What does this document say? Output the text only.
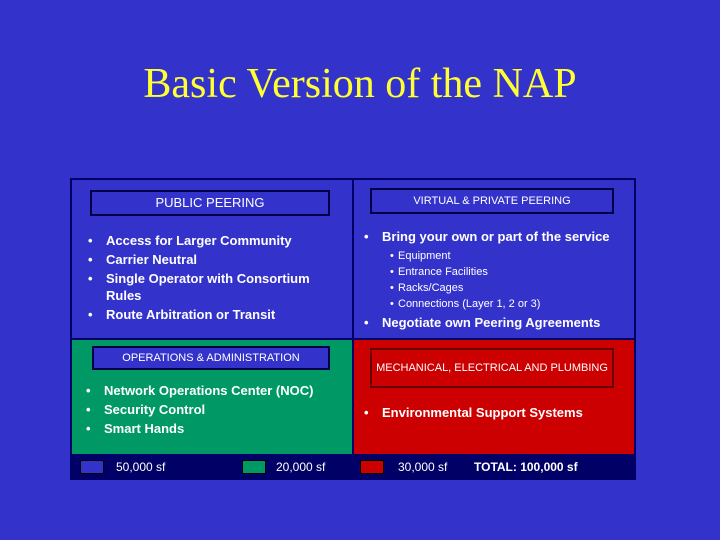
Basic Version of the NAP
PUBLIC PEERING
• Access for Larger Community
• Carrier Neutral
• Single Operator with Consortium Rules
• Route Arbitration or Transit
VIRTUAL & PRIVATE PEERING
• Bring your own or part of the service
• Equipment
• Entrance Facilities
• Racks/Cages
• Connections (Layer 1, 2 or 3)
• Negotiate own Peering Agreements
OPERATIONS & ADMINISTRATION
• Network Operations Center (NOC)
• Security Control
• Smart Hands
MECHANICAL, ELECTRICAL AND PLUMBING
• Environmental Support Systems
50,000 sf	20,000 sf	30,000 sf TOTAL: 100,000 sf
